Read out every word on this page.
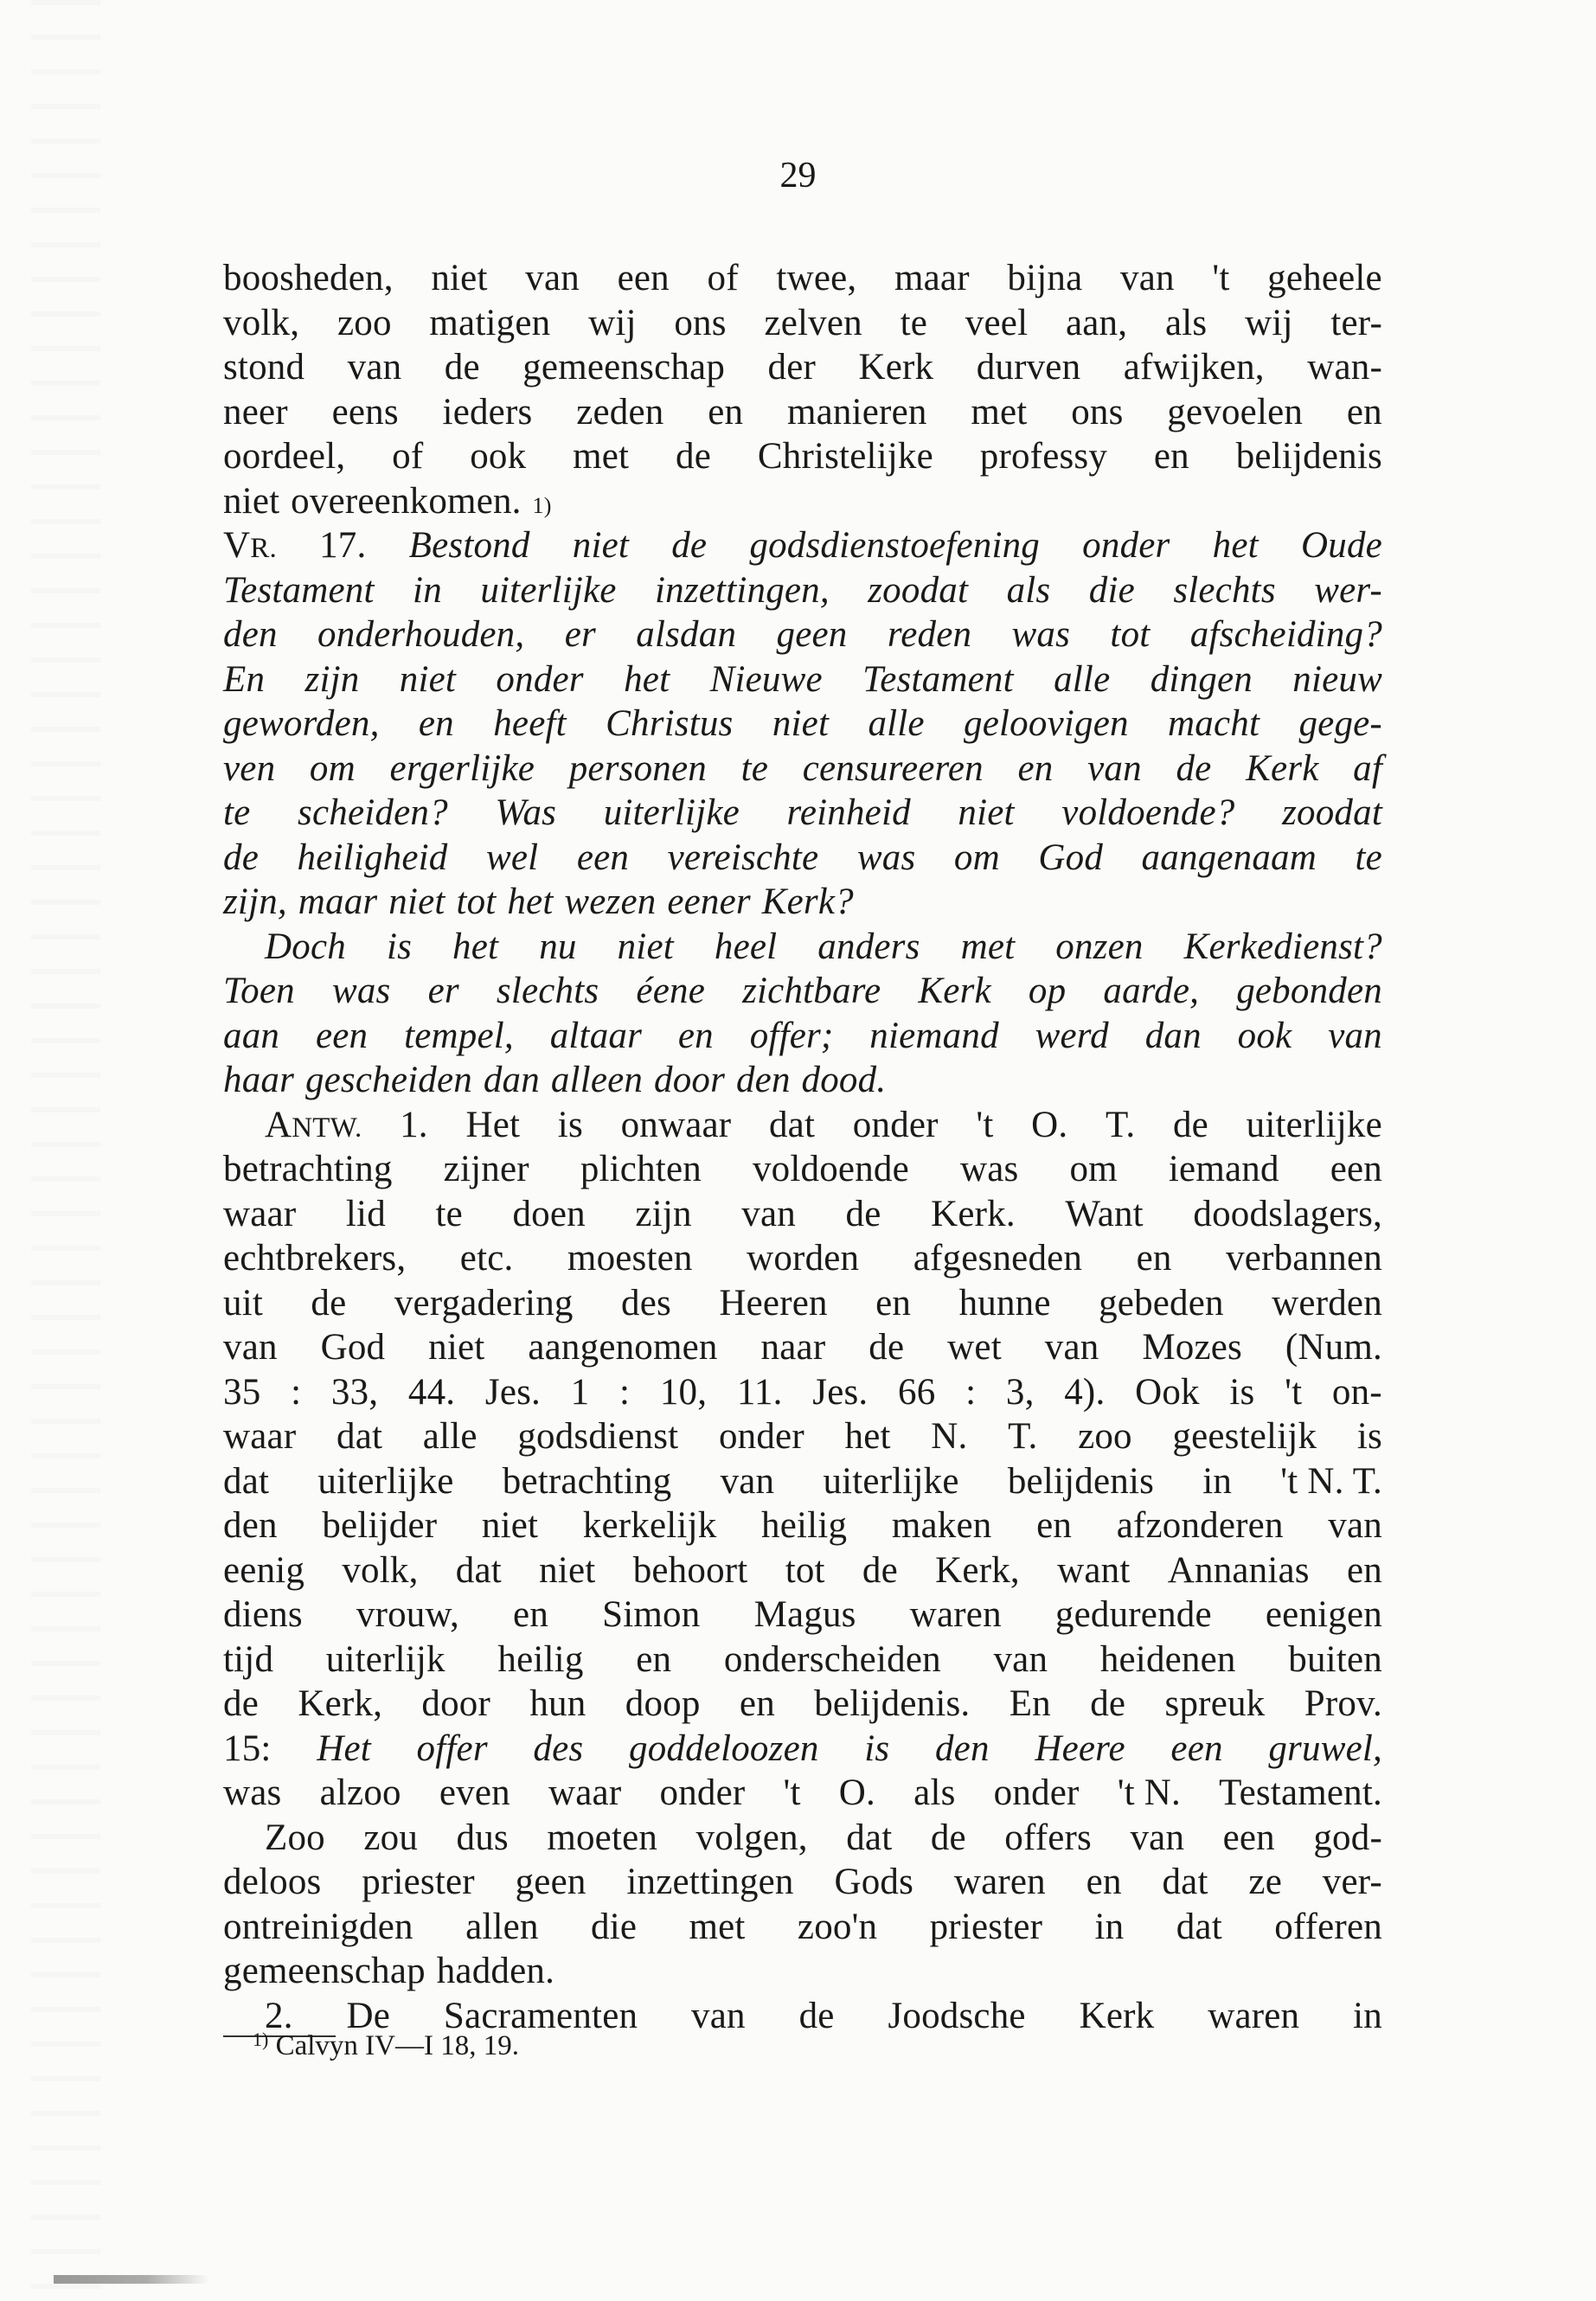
29
boosheden, niet van een of twee, maar bijna van 't geheele
volk, zoo matigen wij ons zelven te veel aan, als wij ter-
stond van de gemeenschap der Kerk durven afwijken, wan-
neer eens ieders zeden en manieren met ons gevoelen en
oordeel, of ook met de Christelijke professy en belijdenis
niet overeenkomen. 1)
VR. 17. Bestond niet de godsdienstoefening onder het Oude
Testament in uiterlijke inzettingen, zoodat als die slechts wer-
den onderhouden, er alsdan geen reden was tot afscheiding?
En zijn niet onder het Nieuwe Testament alle dingen nieuw
geworden, en heeft Christus niet alle geloovigen macht gege-
ven om ergerlijke personen te censureeren en van de Kerk af
te scheiden? Was uiterlijke reinheid niet voldoende? zoodat
de heiligheid wel een vereischte was om God aangenaam te
zijn, maar niet tot het wezen eener Kerk?
Doch is het nu niet heel anders met onzen Kerkedienst?
Toen was er slechts éene zichtbare Kerk op aarde, gebonden
aan een tempel, altaar en offer; niemand werd dan ook van
haar gescheiden dan alleen door den dood.
ANTW. 1. Het is onwaar dat onder 't O. T. de uiterlijke
betrachting zijner plichten voldoende was om iemand een
waar lid te doen zijn van de Kerk. Want doodslagers,
echtbrekers, etc. moesten worden afgesneden en verbannen
uit de vergadering des Heeren en hunne gebeden werden
van God niet aangenomen naar de wet van Mozes (Num.
35 : 33, 44. Jes. 1 : 10, 11. Jes. 66 : 3, 4). Ook is 't on-
waar dat alle godsdienst onder het N. T. zoo geestelijk is
dat uiterlijke betrachting van uiterlijke belijdenis in 't N. T.
den belijder niet kerkelijk heilig maken en afzonderen van
eenig volk, dat niet behoort tot de Kerk, want Annanias en
diens vrouw, en Simon Magus waren gedurende eenigen
tijd uiterlijk heilig en onderscheiden van heidenen buiten
de Kerk, door hun doop en belijdenis. En de spreuk Prov.
15: Het offer des goddeloozen is den Heere een gruwel,
was alzoo even waar onder 't O. als onder 't N. Testament.
Zoo zou dus moeten volgen, dat de offers van een god-
deloos priester geen inzettingen Gods waren en dat ze ver-
ontreinigden allen die met zoo'n priester in dat offeren
gemeenschap hadden.
2. De Sacramenten van de Joodsche Kerk waren in
$^{1)}$ Calvyn IV—I 18, 19.
